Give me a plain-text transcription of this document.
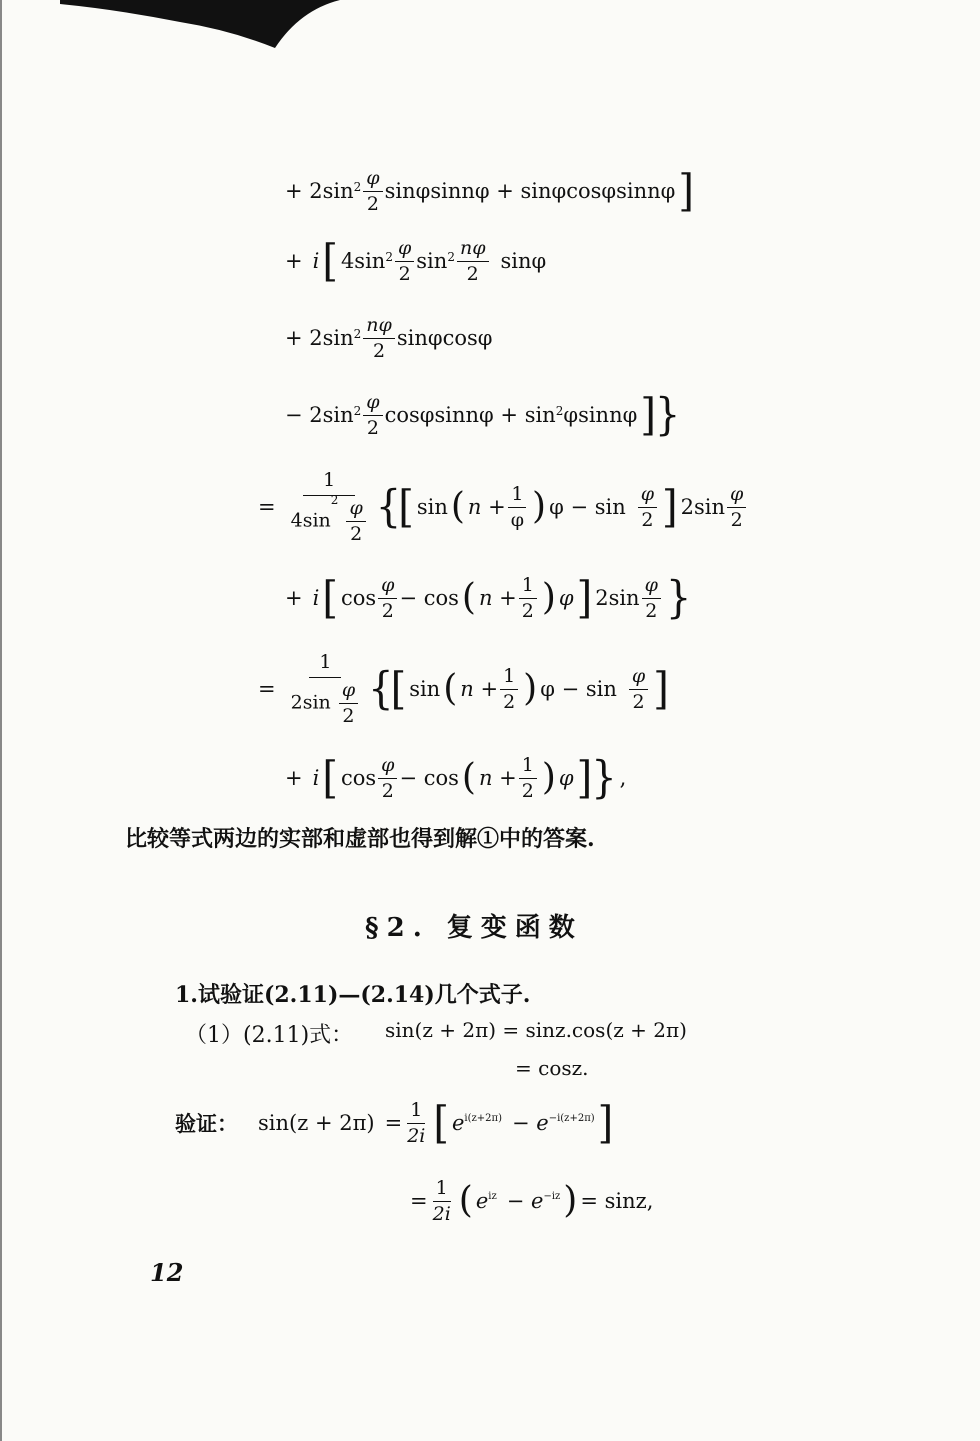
+ $2\sin^2 \frac{\varphi}{2}$ sinφsinnφ + sinφcosφsinnφ ]
+ i [ $4\sin^2 \frac{\varphi}{2} \sin^2 \frac{n\varphi}{2}$ sinφ
+ $2\sin^2 \frac{n\varphi}{2}$ sinφcosφ
− $2\sin^2 \frac{\varphi}{2}$ $\cos\varphi\sin n\varphi + \sin^2 \varphi\sin n\varphi$ ] }
= $\frac{1}{4\sin^2 \frac{\varphi}{2}}$ {
[ sin ( $n + \frac{1}{\varphi}$ ) $\varphi - \sin \frac{\varphi}{2}$ ] $2\sin \frac{\varphi}{2}$
+ i [ $\cos \frac{\varphi}{2} - \cos$ ( $n + \frac{1}{2}$ ) φ ] $2\sin \frac{\varphi}{2}$ }
= $\frac{1}{2\sin \frac{\varphi}{2}}$ {
[ sin ( $n + \frac{1}{2}$ ) $\varphi - \sin \frac{\varphi}{2}$ ]
+ i [ $\cos \frac{\varphi}{2} - \cos$ ( $n + \frac{1}{2}$ ) φ ] } ,
比较等式两边的实部和虚部也得到解①中的答案.
§2. 复变函数
1.试验证(2.11)—(2.14)几个式子.
（1）(2.11)式： sin(z + 2π) = sinz.cos(z + 2π)
= cosz.
验证： $\sin(z + 2\pi) = \frac{1}{2i}$ [ $e^{i(z+2\pi)} - e^{-i(z+2\pi)}$ ]
= $\frac{1}{2i}$ ( $e^{iz} - e^{-iz}$ ) = sinz,
12
